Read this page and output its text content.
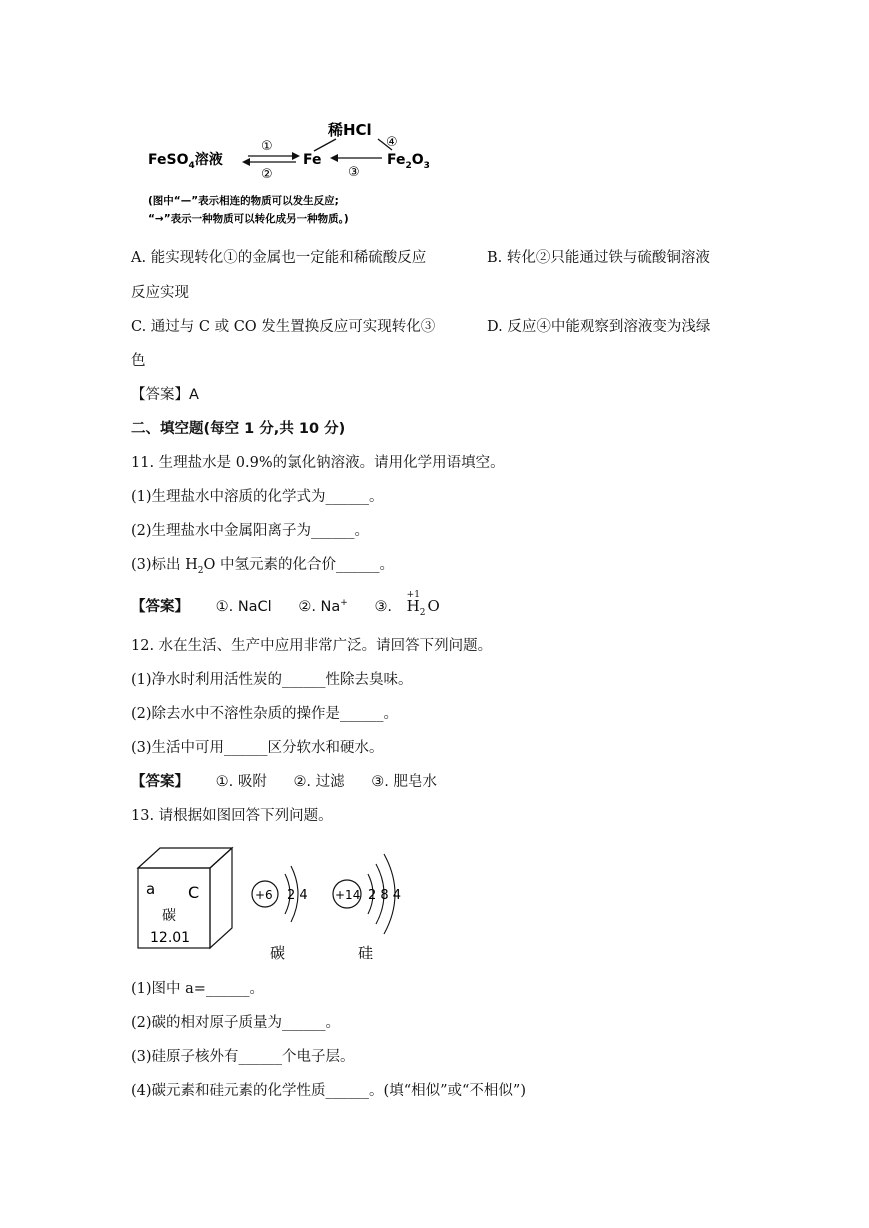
稀HCl
Fe
FeSO$_4$溶液	$Fe_2O_3$
①
②	③
④
(图中“—”表示相连的物质可以发生反应;
“→”表示一种物质可以转化成另一种物质。)
A. 能实现转化①的金属也一定能和稀硫酸反应	B. 转化②只能通过铁与硫酸铜溶液
反应实现
C. 通过与 C 或 CO 发生置换反应可实现转化③	D. 反应④中能观察到溶液变为浅绿
色
【答案】A
二、填空题(每空 1 分,共 10 分)
11. 生理盐水是 0.9%的氯化钠溶液。请用化学用语填空。
(1)生理盐水中溶质的化学式为______。
(2)生理盐水中金属阳离子为______。
(3)标出 $H_2O$ 中氢元素的化合价______。
【答案】 ①. NaCl ②. Na+ ③.
+1
$H_2$ O
12. 水在生活、生产中应用非常广泛。请回答下列问题。
(1)净水时利用活性炭的______性除去臭味。
(2)除去水中不溶性杂质的操作是______。
(3)生活中可用______区分软水和硬水。
【答案】 ①. 吸附 ②. 过滤 ③. 肥皂水
13. 请根据如图回答下列问题。
a C
碳
12.01
+6 2 4
碳
+14 2 8 4
硅
(1)图中 a=______。
(2)碳的相对原子质量为______。
(3)硅原子核外有______个电子层。
(4)碳元素和硅元素的化学性质______。(填“相似”或“不相似”)
